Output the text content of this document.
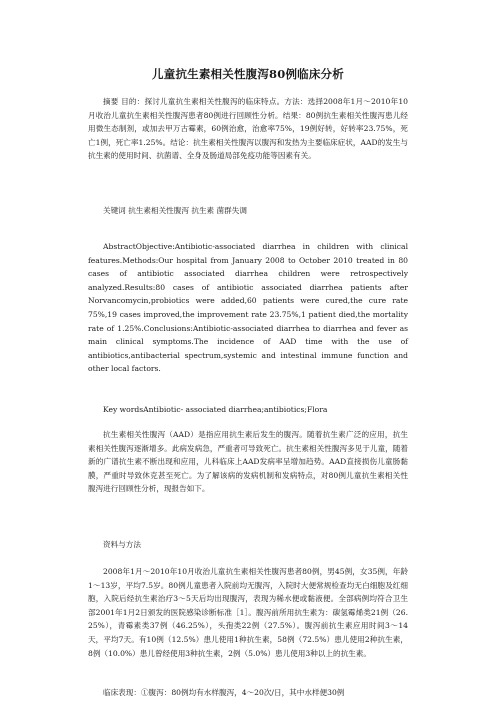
儿童抗生素相关性腹泻80例临床分析

摘要 目的：探讨儿童抗生素相关性腹泻的临床特点。方法：选择2008年1月～2010年10月收治儿童抗生素相关性腹泻患者80例进行回顾性分析。结果：80例抗生素相关性腹泻患儿经用微生态制剂，或加去甲万古霉素，60例治愈，治愈率75%，19例好转，好转率23.75%，死亡1例，死亡率1.25%。结论：抗生素相关性腹泻以腹泻和发热为主要临床症状，AAD的发生与抗生素的使用时间、抗菌谱、全身及肠道局部免疫功能等因素有关。

关键词 抗生素相关性腹泻 抗生素 菌群失调

AbstractObjective:Antibiotic-associated diarrhea in children with clinical features.Methods:Our hospital from January 2008 to October 2010 treated in 80 cases of antibiotic associated diarrhea children were retrospectively analyzed.Results:80 cases of antibiotic associated diarrhea patients after Norvancomycin,probiotics were added,60 patients were cured,the cure rate 75%,19 cases improved,the improvement rate 23.75%,1 patient died,the mortality rate of 1.25%.Conclusions:Antibiotic-associated diarrhea to diarrhea and fever as main clinical symptoms.The incidence of AAD time with the use of antibiotics,antibacterial spectrum,systemic and intestinal immune function and other local factors.

Key wordsAntibiotic- associated diarrhea;antibiotics;Flora

抗生素相关性腹泻（AAD）是指应用抗生素后发生的腹泻。随着抗生素广泛的应用，抗生素相关性腹泻逐渐增多。此病发病急，严重者可导致死亡。抗生素相关性腹泻多见于儿童，随着新的广谱抗生素不断出现和应用，儿科临床上AAD发病率呈增加趋势。AAD直接损伤儿童肠黏膜，严重时导致休克甚至死亡。为了解该病的发病机制和发病特点，对80例儿童抗生素相关性腹泻进行回顾性分析，现报告如下。

资料与方法

2008年1月～2010年10月收治儿童抗生素相关性腹泻患者80例，男45例，女35例，年龄1～13岁，平均7.5岁。80例儿童患者入院前均无腹泻，入院时大便常规检查均无白细胞及红细胞，入院后经抗生素治疗3～5天后均出现腹泻，表现为稀水便或黏液便。全部病例均符合卫生部2001年1月2日颁发的医院感染诊断标准［1］。腹泻前所用抗生素为：碳氢霉烯类21例（26.25%），青霉素类37例（46.25%），头孢类22例（27.5%）。腹泻前抗生素应用时间3～14天，平均7天。有10例（12.5%）患儿使用1种抗生素，58例（72.5%）患儿使用2种抗生素，8例（10.0%）患儿曾经使用3种抗生素，2例（5.0%）患儿使用3种以上的抗生素。

临床表现：①腹泻：80例均有水样腹泻，4～20次/日，其中水样便30例
